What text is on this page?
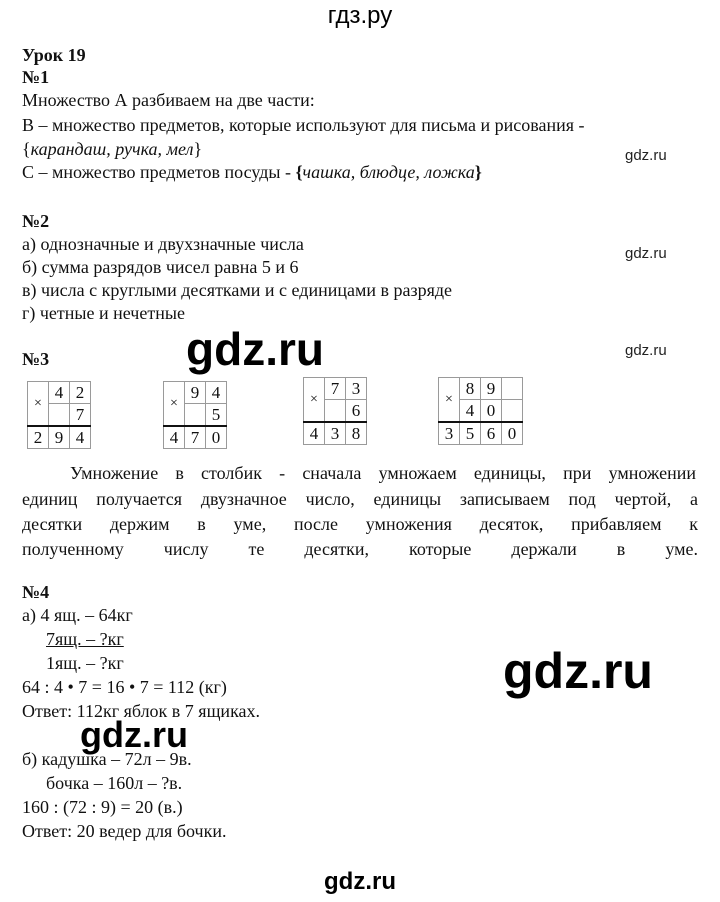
гдз.ру
Урок 19
№1
Множество А разбиваем на две части:
В – множество предметов, которые используют для письма и рисования -
{карандаш, ручка, мел}
С – множество предметов посуды - {чашка, блюдце, ложка}
gdz.ru
№2
а) однозначные и двухзначные числа
б) сумма разрядов чисел равна 5 и 6
в) числа с круглыми десятками и с единицами в разряде
г) четные и нечетные
gdz.ru
№3	gdz.ru	gdz.ru
×	4	2
		7
2	9	4
×	9	4
		5
4	7	0
×	7	3
		6
4	3	8
×	8	9	
	4	0	
3	5	6	0
Умножение в столбик - сначала умножаем единицы, при умножении
единиц получается двузначное число, единицы записываем под чертой, а
десятки держим в уме, после умножения десяток, прибавляем к
полученному числу те десятки, которые держали в уме.
№4
а) 4 ящ. – 64кг
7ящ. – ?кг
1ящ. – ?кг
64 : 4 • 7 = 16 • 7 = 112 (кг)
Ответ: 112кг яблок в 7 ящиках.
gdz.ru
gdz.ru
б) кадушка – 72л – 9в.
бочка – 160л – ?в.
160 : (72 : 9) = 20 (в.)
Ответ: 20 ведер для бочки.
gdz.ru
